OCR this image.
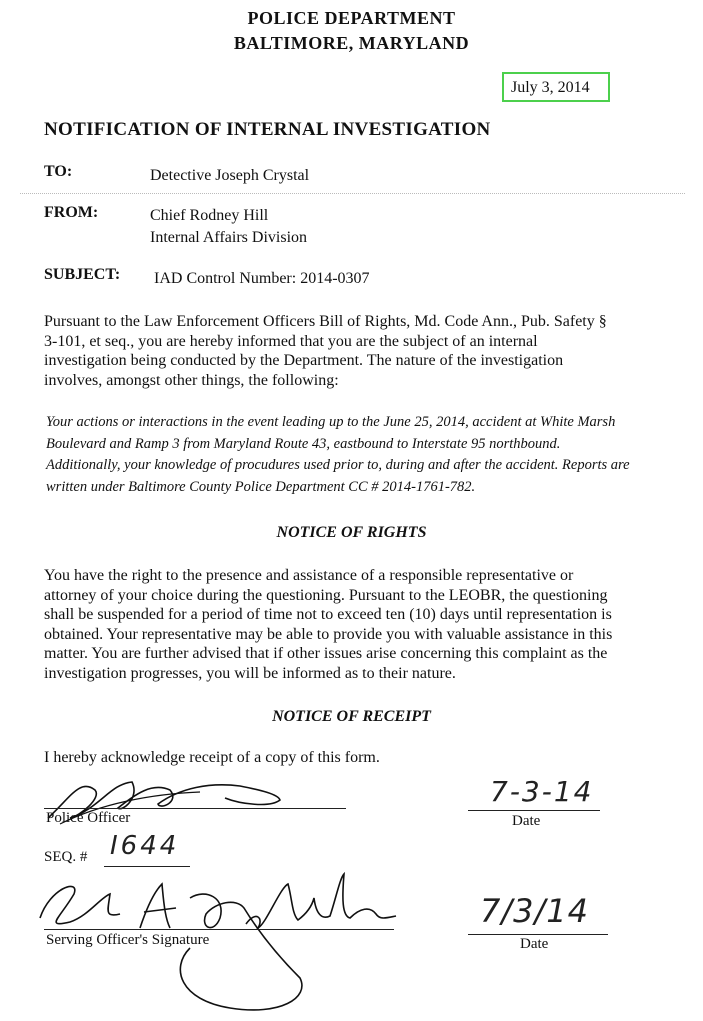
POLICE DEPARTMENT
BALTIMORE, MARYLAND
July 3, 2014
NOTIFICATION OF INTERNAL INVESTIGATION
TO:	Detective Joseph Crystal
FROM:	Chief Rodney Hill
Internal Affairs Division
SUBJECT: IAD Control Number: 2014-0307
Pursuant to the Law Enforcement Officers Bill of Rights, Md. Code Ann., Pub. Safety §
3-101, et seq., you are hereby informed that you are the subject of an internal
investigation being conducted by the Department. The nature of the investigation
involves, amongst other things, the following:
Your actions or interactions in the event leading up to the June 25, 2014, accident at White Marsh
Boulevard and Ramp 3 from Maryland Route 43, eastbound to Interstate 95 northbound.
Additionally, your knowledge of procudures used prior to, during and after the accident. Reports are
written under Baltimore County Police Department CC # 2014-1761-782.
NOTICE OF RIGHTS
You have the right to the presence and assistance of a responsible representative or
attorney of your choice during the questioning. Pursuant to the LEOBR, the questioning
shall be suspended for a period of time not to exceed ten (10) days until representation is
obtained. Your representative may be able to provide you with valuable assistance in this
matter. You are further advised that if other issues arise concerning this complaint as the
investigation progresses, you will be informed as to their nature.
NOTICE OF RECEIPT
I hereby acknowledge receipt of a copy of this form.
Police Officer
7-3-14
Date
SEQ. # I644
Serving Officer's Signature
7/3/14
Date
